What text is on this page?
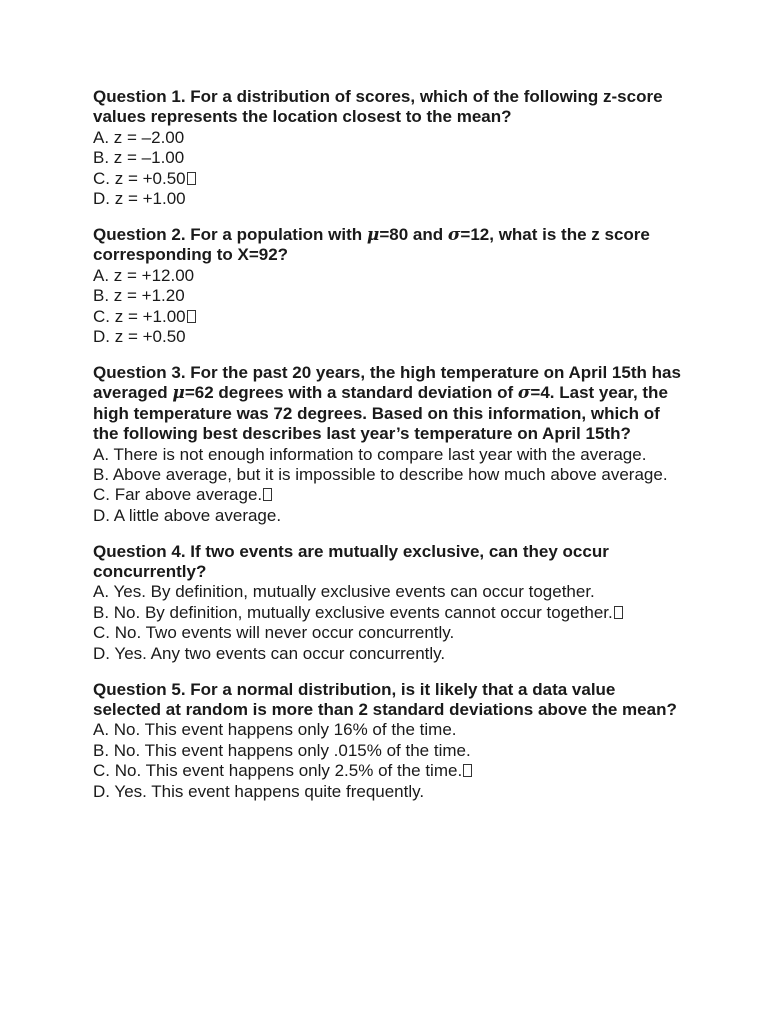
Question 1. For a distribution of scores, which of the following z-score values represents the location closest to the mean?

A. z = –2.00

B. z = –1.00

C. z = +0.50

D. z = +1.00

Question 2. For a population with μ=80 and σ=12, what is the z score corresponding to X=92?

A. z = +12.00

B. z = +1.20

C. z = +1.00

D. z = +0.50

Question 3. For the past 20 years, the high temperature on April 15th has averaged μ=62 degrees with a standard deviation of σ=4. Last year, the high temperature was 72 degrees. Based on this information, which of the following best describes last year’s temperature on April 15th?

A. There is not enough information to compare last year with the average.

B. Above average, but it is impossible to describe how much above average.

C. Far above average.

D. A little above average.

Question 4. If two events are mutually exclusive, can they occur concurrently?

A. Yes. By definition, mutually exclusive events can occur together.

B. No. By definition, mutually exclusive events cannot occur together.

C. No. Two events will never occur concurrently.

D. Yes. Any two events can occur concurrently.

Question 5. For a normal distribution, is it likely that a data value selected at random is more than 2 standard deviations above the mean?

A. No. This event happens only 16% of the time.

B. No. This event happens only .015% of the time.

C. No. This event happens only 2.5% of the time.

D. Yes. This event happens quite frequently.
